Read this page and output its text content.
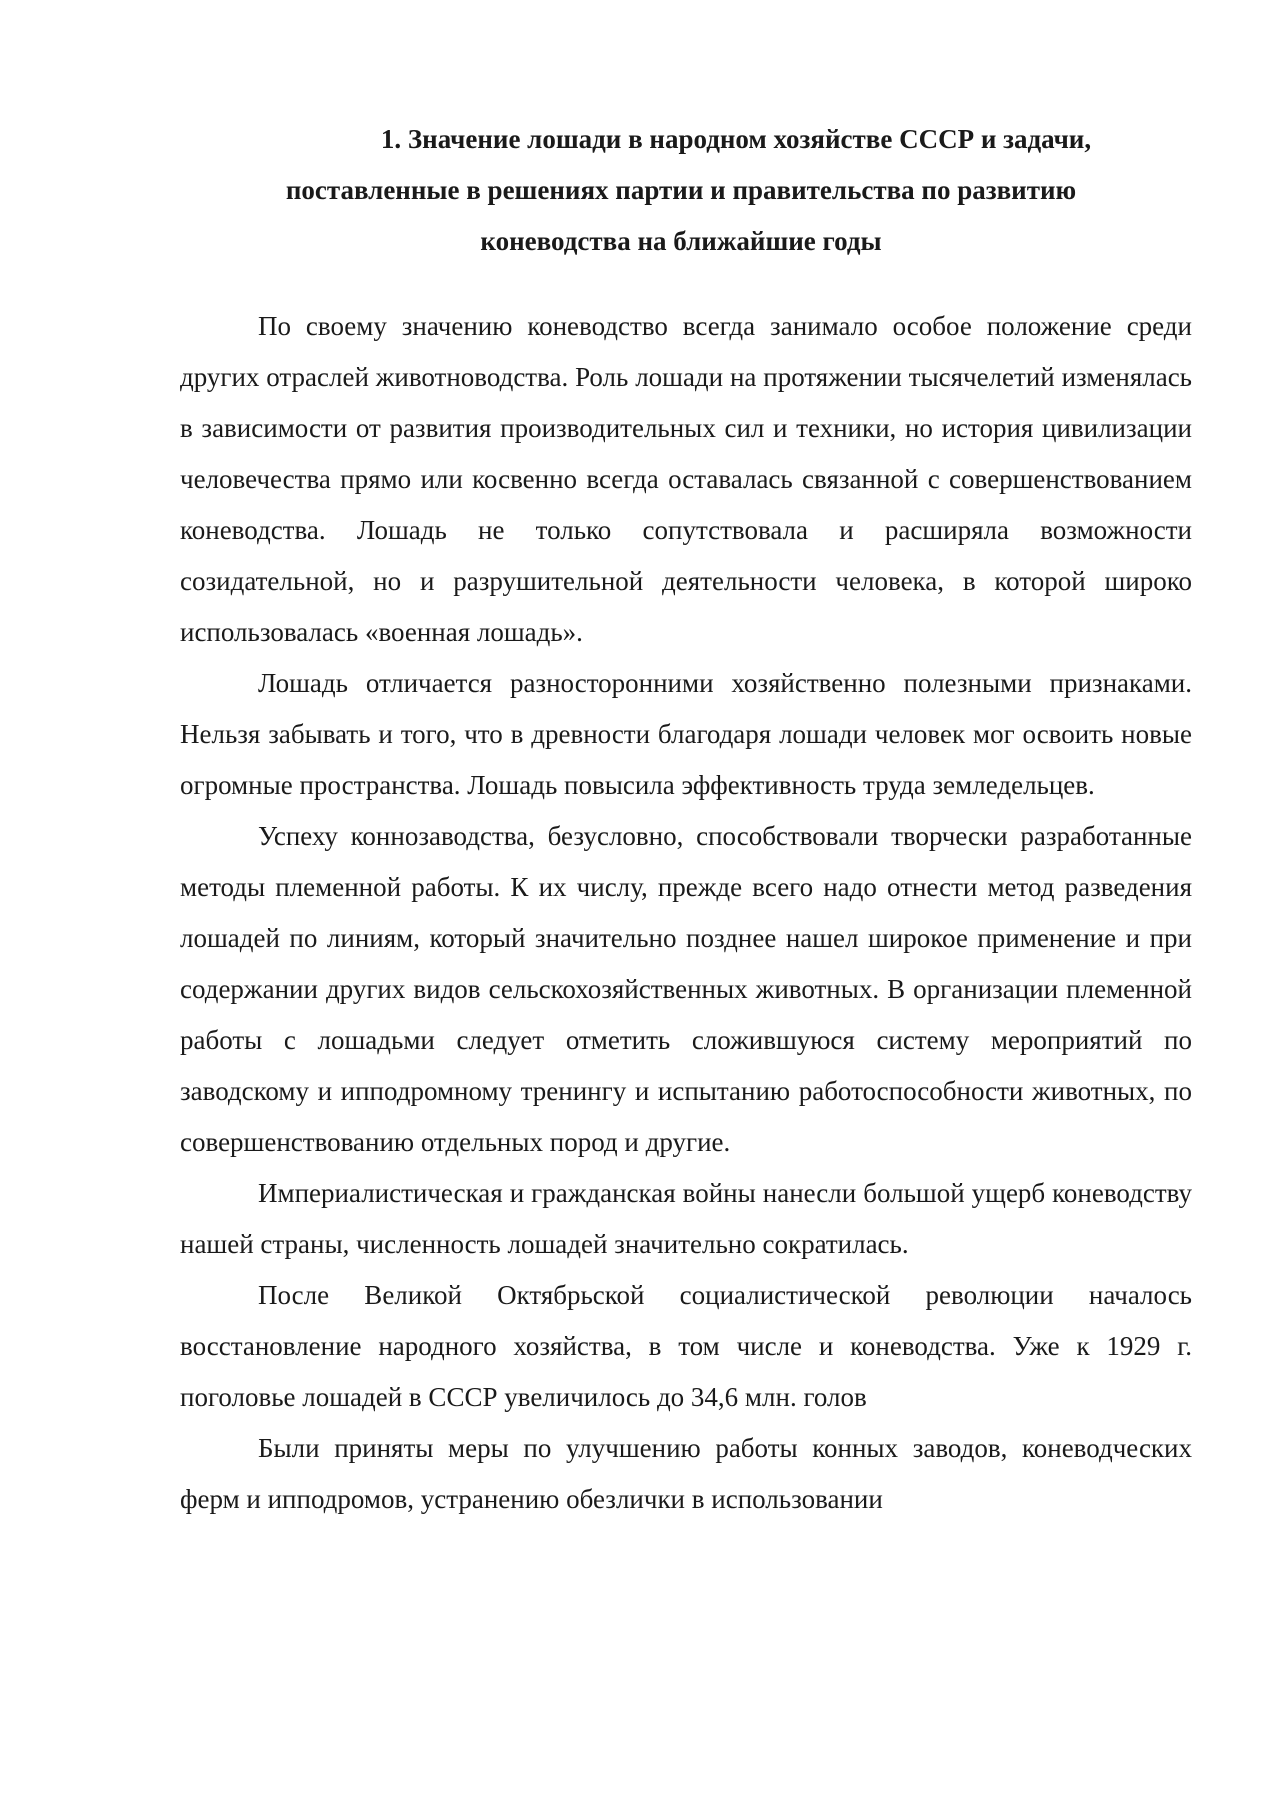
1. Значение лошади в народном хозяйстве СССР и задачи,
поставленные в решениях партии и правительства по развитию
коневодства на ближайшие годы

По своему значению коневодство всегда занимало особое положение среди других отраслей животноводства. Роль лошади на протяжении тысячелетий изменялась в зависимости от развития производительных сил и техники, но история цивилизации человечества прямо или косвенно всегда оставалась связанной с совершенствованием коневодства. Лошадь не только сопутствовала и расширяла возможности созидательной, но и разрушительной деятельности человека, в которой широко использовалась «военная лошадь».

Лошадь отличается разносторонними хозяйственно полезными признаками. Нельзя забывать и того, что в древности благодаря лошади человек мог освоить новые огромные пространства. Лошадь повысила эффективность труда земледельцев.

Успеху коннозаводства, безусловно, способствовали творчески разработанные методы племенной работы. К их числу, прежде всего надо отнести метод разведения лошадей по линиям, который значительно позднее нашел широкое применение и при содержании других видов сельскохозяйственных животных. В организации племенной работы с лошадьми следует отметить сложившуюся систему мероприятий по заводскому и ипподромному тренингу и испытанию работоспособности животных, по совершенствованию отдельных пород и другие.

Империалистическая и гражданская войны нанесли большой ущерб коневодству нашей страны, численность лошадей значительно сократилась.

После Великой Октябрьской социалистической революции началось восстановление народного хозяйства, в том числе и коневодства. Уже к 1929 г. поголовье лошадей в СССР увеличилось до 34,6 млн. голов

Были приняты меры по улучшению работы конных заводов, коневодческих ферм и ипподромов, устранению обезлички в использовании
